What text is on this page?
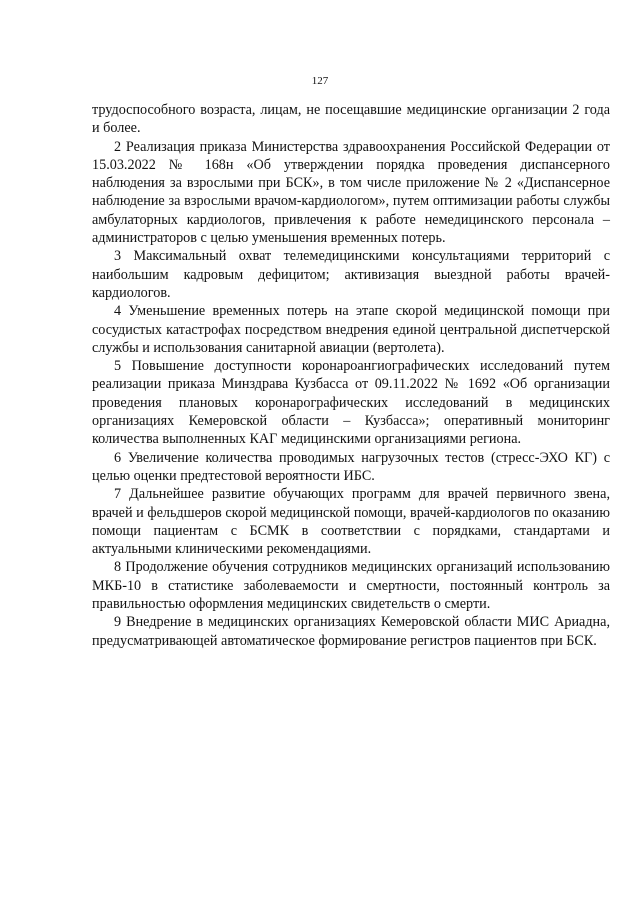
127

трудоспособного возраста, лицам, не посещавшие медицинские организации 2 года и более.

2 Реализация приказа Министерства здравоохранения Российской Федерации от 15.03.2022 № 168н «Об утверждении порядка проведения диспансерного наблюдения за взрослыми при БСК», в том числе приложение № 2 «Диспансерное наблюдение за взрослыми врачом-кардиологом», путем оптимизации работы службы амбулаторных кардиологов, привлечения к работе немедицинского персонала – администраторов с целью уменьшения временных потерь.

3 Максимальный охват телемедицинскими консультациями территорий с наибольшим кадровым дефицитом; активизация выездной работы врачей-кардиологов.

4 Уменьшение временных потерь на этапе скорой медицинской помощи при сосудистых катастрофах посредством внедрения единой центральной диспетчерской службы и использования санитарной авиации (вертолета).

5 Повышение доступности коронароангиографических исследований путем реализации приказа Минздрава Кузбасса от 09.11.2022 № 1692 «Об организации проведения плановых коронарографических исследований в медицинских организациях Кемеровской области – Кузбасса»; оперативный мониторинг количества выполненных КАГ медицинскими организациями региона.

6 Увеличение количества проводимых нагрузочных тестов (стресс-ЭХО КГ) с целью оценки предтестовой вероятности ИБС.

7 Дальнейшее развитие обучающих программ для врачей первичного звена, врачей и фельдшеров скорой медицинской помощи, врачей-кардиологов по оказанию помощи пациентам с БСМК в соответствии с порядками, стандартами и актуальными клиническими рекомендациями.

8 Продолжение обучения сотрудников медицинских организаций использованию МКБ-10 в статистике заболеваемости и смертности, постоянный контроль за правильностью оформления медицинских свидетельств о смерти.

9 Внедрение в медицинских организациях Кемеровской области МИС Ариадна, предусматривающей автоматическое формирование регистров пациентов при БСК.
